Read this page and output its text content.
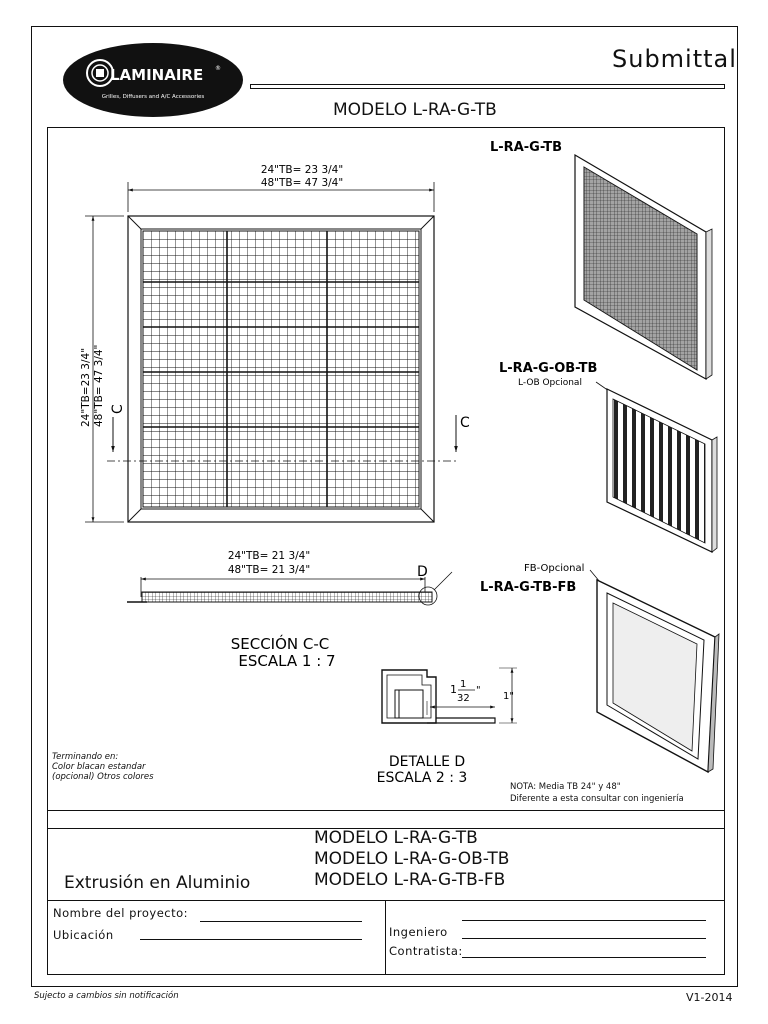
LAMINAIRE ®
Grilles, Diffusers and A/C Accessories
Submittal
MODELO L-RA-G-TB
24"TB= 23 3/4"
48"TB= 47 3/4"
24"TB=23 3/4" 48"TB= 47 3/4" C
C
24"TB= 21 3/4"
48"TB= 21 3/4"	D
SECCIÓN C-C
ESCALA 1 : 7
1 1
32
"
1"
DETALLE D
ESCALA 2 : 3
L-RA-G-TB
L-RA-G-OB-TB
L-OB Opcional
FB-Opcional
L-RA-G-TB-FB
Terminando en:
Color blacan estandar
(opcional) Otros colores
NOTA: Media TB 24" y 48"
Diferente a esta consultar con ingeniería
MODELO L-RA-G-TB
MODELO L-RA-G-OB-TB
MODELO L-RA-G-TB-FB
Extrusión en Aluminio
Nombre del proyecto:
Ubicación	Ingeniero
Contratista:
Sujecto a cambios sin notificación	V1-2014
